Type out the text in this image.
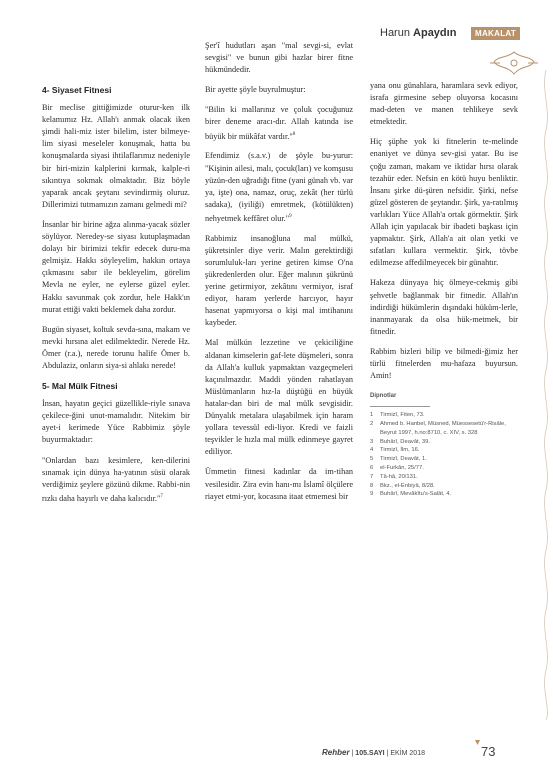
Harun Apaydın	MAKALAT
4- Siyaset Fitnesi

Bir meclise gittiğimizde oturur-ken ilk kelamımız Hz. Allah'ı anmak olacak iken şimdi hali-miz ister bilelim, ister bilmeye-lim siyasi meseleler konuşmak, hatta bu konuşmalarda siyasi ihtilaflarımız nedeniyle bir biri-mizin kalplerini kırmak, kalple-ri sıkıntıya sokmak olmaktadır. Biz böyle yaparak ancak şeytanı sevindirmiş oluruz. Dillerimizi tutmamızın zamanı gelmedi mi?

İnsanlar bir birine ağza alınma-yacak sözler söylüyor. Neredey-se siyası kutuplaşmadan dolayı bir birimizi tekfir edecek duru-ma gelmişiz. Hakkı söyleyelim, hakkın ortaya çıkmasını sabır ile bekleyelim, görelim Mevla ne eyler, ne eylerse güzel eyler. Hakkı savunmak çok zordur, hele Hakk'ın murat ettiği vakti beklemek daha zordur.

Bugün siyaset, koltuk sevda-sına, makam ve mevki hırsına alet edilmektedir. Nerede Hz. Ömer (r.a.), nerede torunu halife Ömer b. Abdulaziz, onların siya-si ahlakı nerede!

5- Mal Mülk Fitnesi

İnsan, hayatın geçici güzellikle-riyle sınava çekilece-ğini unut-mamalıdır. Nitekim bir ayet-i kerimede Yüce Rabbimiz şöyle buyurmaktadır:

"Onlardan bazı kesimlere, ken-dilerini sınamak için dünya ha-yatının süsü olarak verdiğimiz şeylere gözünü dikme. Rabbi-nin rızkı daha hayırlı ve daha kalıcıdır."$^7$

Şer'î hudutları aşan "mal sevgi-si, evlat sevgisi" ve bunun gibi hazlar birer fitne hükmündedir.

Bir ayette şöyle buyrulmuştur:

"Bilin ki mallarınız ve çoluk çocuğunuz birer deneme aracı-dır. Allah katında ise büyük bir mükâfat vardır."$^8$

Efendimiz (s.a.v.) de şöyle bu-yurur: "Kişinin ailesi, malı, çocuk(ları) ve komşusu yüzün-den uğradığı fitne (yani günah vb. var ya, işte) ona, namaz, oruç, zekât (her türlü sadaka), (iyiliği) emretmek, (kötülükten) nehyetmek keffâret olur."$^9$

Rabbimiz insanoğluna mal mülkü, şükretsinler diye verir. Malın gerektirdiği sorumluluk-ları yerine getiren kimse O'na şükredenlerden olur. Eğer malının şükrünü yerine getirmiyor, zekâtını vermiyor, israf ediyor, haram yerlerde harcıyor, hayır hasenat yapmıyorsa o kişi mal imtihanını kaybeder.

Mal mülkün lezzetine ve çekiciliğine aldanan kimselerin gaf-lete düşmeleri, sonra da Allah'a kulluk yapmaktan vazgeçmeleri kaçınılmazdır. Maddi yönden rahatlayan Müslümanların hız-la düştüğü en büyük hatalar-dan biri de mal mülk sevgisidir. Dünyalık metalara ulaşabilmek için haram yollara tevessül edi-liyor. Kredi ve faizli teşvikler le hızla mal mülk edinmeye gayret ediliyor.

Ümmetin fitnesi kadınlar da im-tihan vesilesidir. Zira evin hanı-mı İslamî ölçülere riayet etmi-yor, kocasına itaat etmemesi bir

yana onu günahlara, haramlara sevk ediyor, israfa girmesine sebep oluyorsa kocasını mad-deten ve manen tehlikeye sevk etmektedir.

Hiç şüphe yok ki fitnelerin te-melinde enaniyet ve dünya sev-gisi yatar. Bu ise çoğu zaman, makam ve iktidar hırsı olarak tezahür eder. Nefsin en kötü huyu benliktir. İnsanı şirke dü-şüren nefsidir. Şirki, nefse güzel gösteren de şeytandır. Şirk, ya-ratılmış varlıkları Yüce Allah'a ortak görmektir. Şirk Allah için yapılacak bir ibadeti başkası için yapmaktır. Şirk, Allah'a ait olan yetki ve sıfatları kullara vermektir. Şirk, tövbe edilmezse affedilmeyecek bir günahtır.

Hakeza dünyaya hiç ölmeye-cekmiş gibi şehvetle bağlanmak bir fitnedir. Allah'ın indirdiği hükümlerin dışındaki hüküm-lerle, inanmayarak da olsa hük-metmek, bir fitnedir.

Rabbim bizleri bilip ve bilmedi-ğimiz her türlü fitnelerden mu-hafaza buyursun. Amin!

Dipnotlar
1	Tirmizî, Fiten, 73.
2	Ahmed b. Hanbel, Müsned, Müessesetü'r-Risâle, Beyrut 1997, h.no:8710, c. XIV, s. 328
3	Buhârî, Deavât, 39.
4	Tirmizî, İlm, 16.
5	Tirmizî, Deavât, 1.
6	el-Furkân, 25/77.
7	Tâ-hâ, 20/131.
8	Bkz., el-Enbiyâ, 8/28.
9	Buhârî, Mevâkîtu's-Salât, 4.
Rehber | 105.SAYI | EKİM 2018	73
